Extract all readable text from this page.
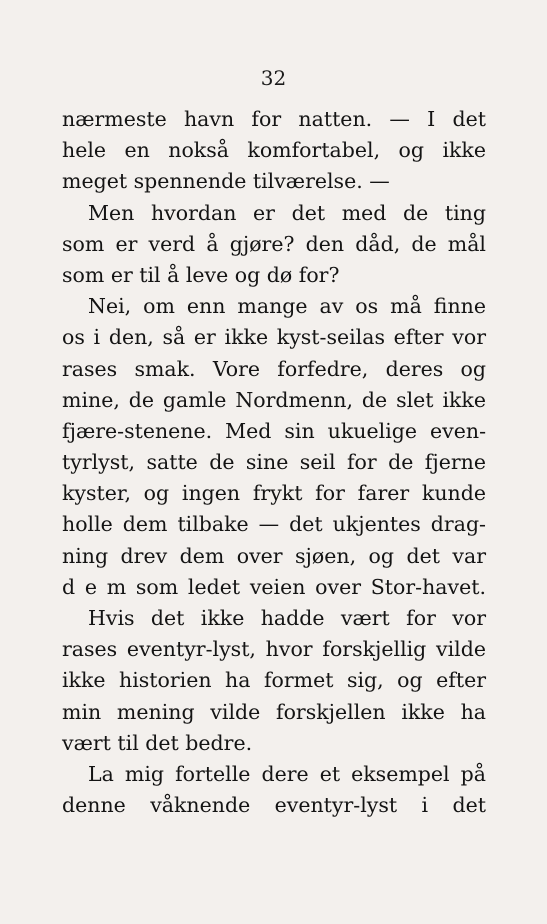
32
nærmeste havn for natten. — I det
hele en nokså komfortabel, og ikke
meget spennende tilværelse. —
Men hvordan er det med de ting
som er verd å gjøre? den dåd, de mål
som er til å leve og dø for?
Nei, om enn mange av os må finne
os i den, så er ikke kyst-seilas efter vor
rases smak. Vore forfedre, deres og
mine, de gamle Nordmenn, de slet ikke
fjære-stenene. Med sin ukuelige even-
tyrlyst, satte de sine seil for de fjerne
kyster, og ingen frykt for farer kunde
holle dem tilbake — det ukjentes drag-
ning drev dem over sjøen, og det var
d e m som ledet veien over Stor-havet.
Hvis det ikke hadde vært for vor
rases eventyr-lyst, hvor forskjellig vilde
ikke historien ha formet sig, og efter
min mening vilde forskjellen ikke ha
vært til det bedre.
La mig fortelle dere et eksempel på
denne våknende eventyr-lyst i det
